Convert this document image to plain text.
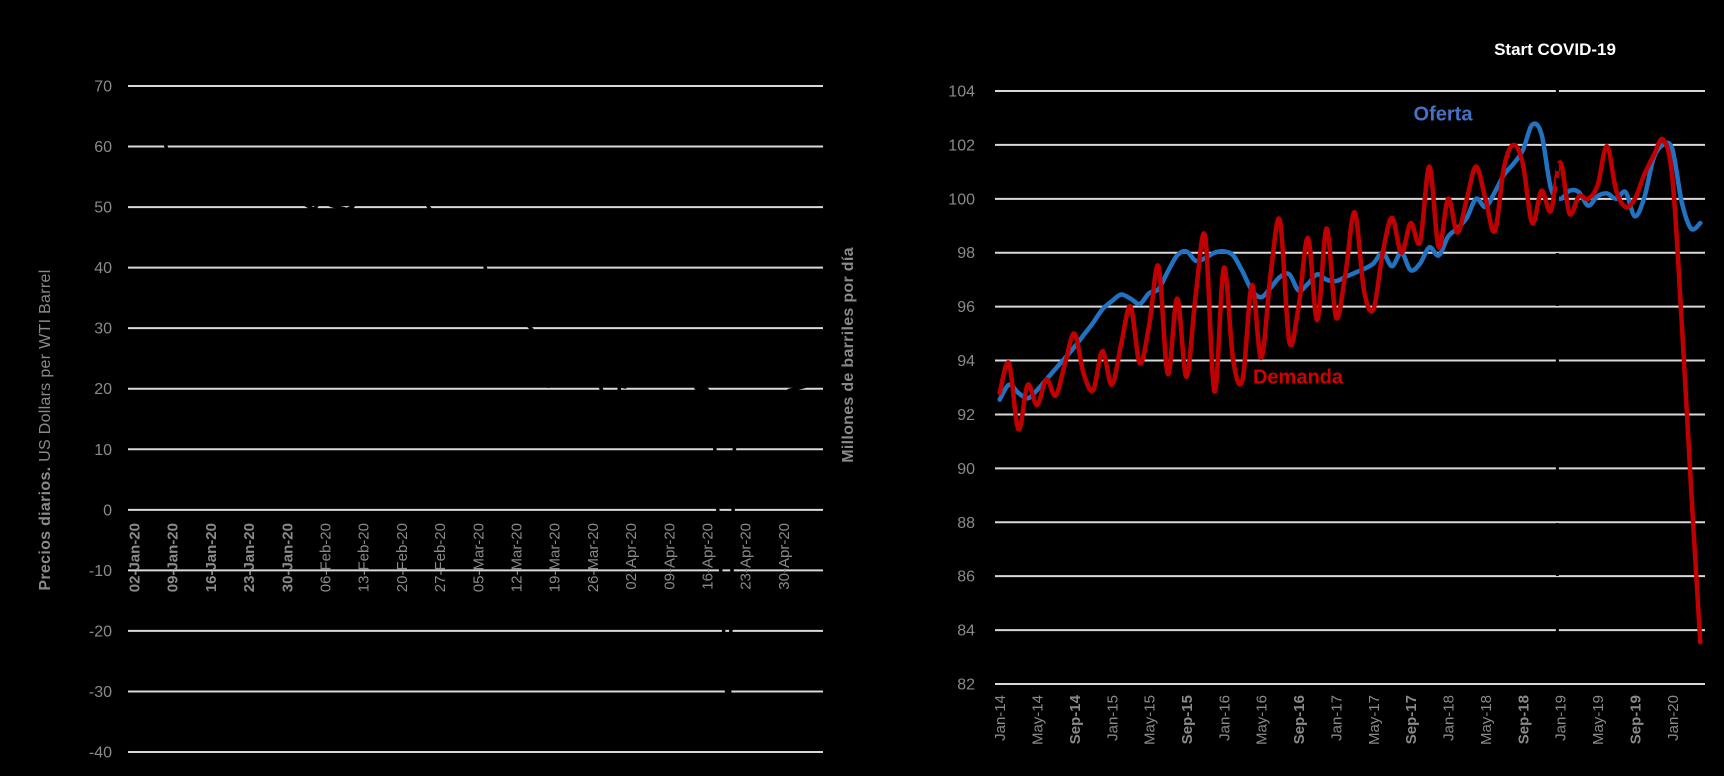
70
60
50
40
30
20
10
0
-10
-20
-30
-40
02-Jan-20 09-Jan-20 16-Jan-20 23-Jan-20 30-Jan-20 06-Feb-20 13-Feb-20 20-Feb-20 27-Feb-20 05-Mar-20 12-Mar-20 19-Mar-20 26-Mar-20 02-Apr-20 09-Apr-20 16-Apr-20 23-Apr-20 30-Apr-20
104
102
100
98
96
94
92
90
88
86
84
82
Jan-14 May-14 Sep-14 Jan-15 May-15 Sep-15 Jan-16 May-16 Sep-16 Jan-17 May-17 Sep-17 Jan-18 May-18 Sep-18 Jan-19 May-19 Sep-19 Jan-20
Precios diarios. US Dollars per WTI Barrel	Millones de barriles por día
Start COVID-19
Oferta
Demanda
